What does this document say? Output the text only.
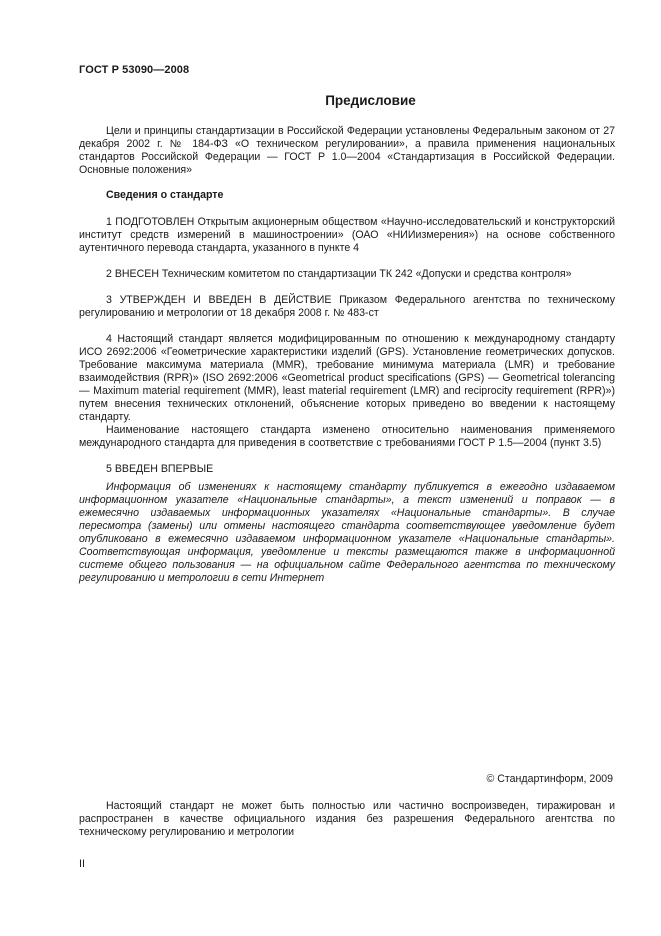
ГОСТ Р 53090—2008
Предисловие

Цели и принципы стандартизации в Российской Федерации установлены Федеральным законом от 27 декабря 2002 г. № 184-ФЗ «О техническом регулировании», а правила применения национальных стандартов Российской Федерации — ГОСТ Р 1.0—2004 «Стандартизация в Российской Федерации. Основные положения»

Сведения о стандарте

1 ПОДГОТОВЛЕН Открытым акционерным обществом «Научно-исследовательский и конструкторский институт средств измерений в машиностроении» (ОАО «НИИизмерения») на основе собственного аутентичного перевода стандарта, указанного в пункте 4

2 ВНЕСЕН Техническим комитетом по стандартизации ТК 242 «Допуски и средства контроля»

3 УТВЕРЖДЕН И ВВЕДЕН В ДЕЙСТВИЕ Приказом Федерального агентства по техническому регулированию и метрологии от 18 декабря 2008 г. № 483-ст

4 Настоящий стандарт является модифицированным по отношению к международному стандарту ИСО 2692:2006 «Геометрические характеристики изделий (GPS). Установление геометрических допусков. Требование максимума материала (MMR), требование минимума материала (LMR) и требование взаимодействия (RPR)» (ISO 2692:2006 «Geometrical product specifications (GPS) — Geometrical tolerancing — Maximum material requirement (MMR), least material requirement (LMR) and reciprocity requirement (RPR)») путем внесения технических отклонений, объяснение которых приведено во введении к настоящему стандарту.

Наименование настоящего стандарта изменено относительно наименования применяемого международного стандарта для приведения в соответствие с требованиями ГОСТ Р 1.5—2004 (пункт 3.5)

5 ВВЕДЕН ВПЕРВЫЕ

Информация об изменениях к настоящему стандарту публикуется в ежегодно издаваемом информационном указателе «Национальные стандарты», а текст изменений и поправок — в ежемесячно издаваемых информационных указателях «Национальные стандарты». В случае пересмотра (замены) или отмены настоящего стандарта соответствующее уведомление будет опубликовано в ежемесячно издаваемом информационном указателе «Национальные стандарты». Соответствующая информация, уведомление и тексты размещаются также в информационной системе общего пользования — на официальном сайте Федерального агентства по техническому регулированию и метрологии в сети Интернет

© Стандартинформ, 2009

Настоящий стандарт не может быть полностью или частично воспроизведен, тиражирован и распространен в качестве официального издания без разрешения Федерального агентства по техническому регулированию и метрологии

II
